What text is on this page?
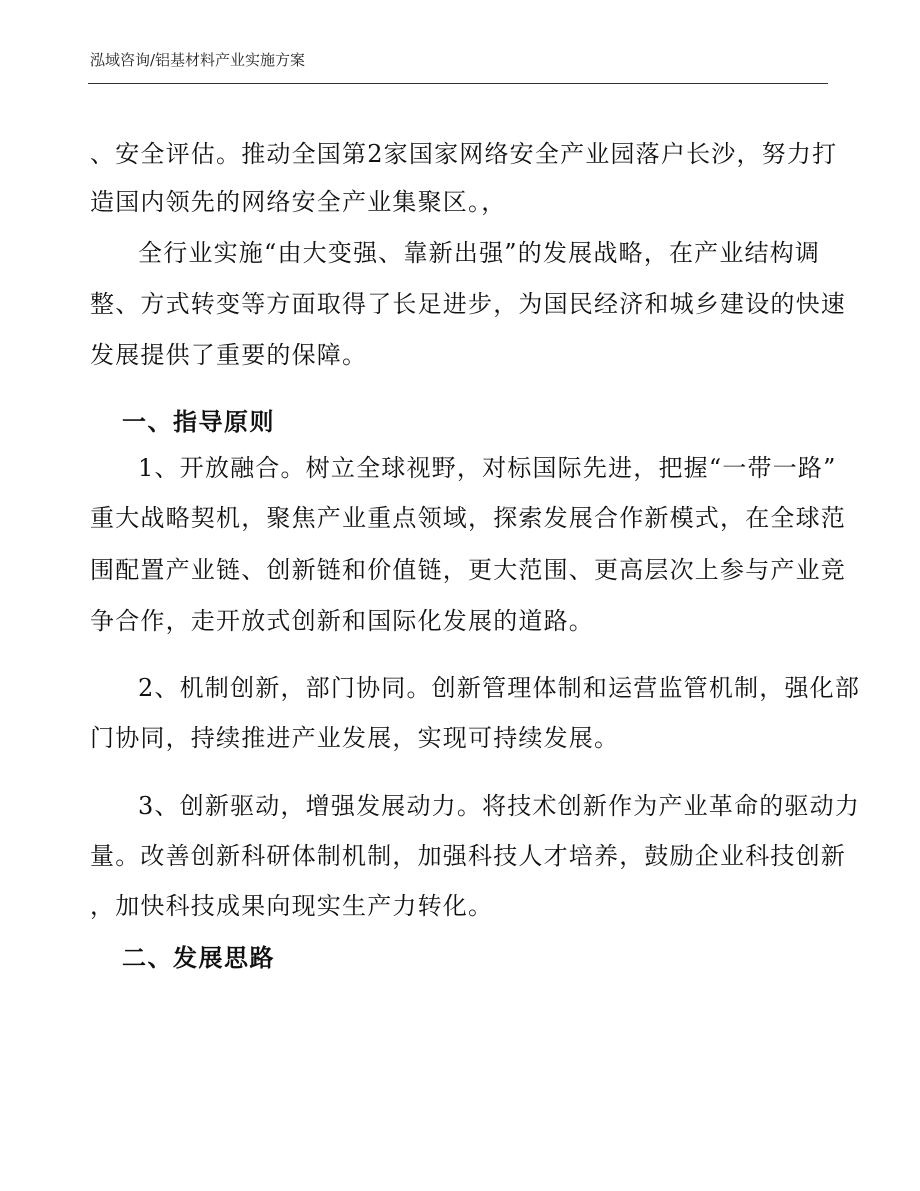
泓域咨询/铝基材料产业实施方案
、安全评估。推动全国第2家国家网络安全产业园落户长沙，努力打
造国内领先的网络安全产业集聚区。，
全行业实施“由大变强、靠新出强”的发展战略，在产业结构调
整、方式转变等方面取得了长足进步，为国民经济和城乡建设的快速
发展提供了重要的保障。
一、指导原则
1、开放融合。树立全球视野，对标国际先进，把握“一带一路”
重大战略契机，聚焦产业重点领域，探索发展合作新模式，在全球范
围配置产业链、创新链和价值链，更大范围、更高层次上参与产业竞
争合作，走开放式创新和国际化发展的道路。
2、机制创新，部门协同。创新管理体制和运营监管机制，强化部
门协同，持续推进产业发展，实现可持续发展。
3、创新驱动，增强发展动力。将技术创新作为产业革命的驱动力
量。改善创新科研体制机制，加强科技人才培养，鼓励企业科技创新
，加快科技成果向现实生产力转化。
二、发展思路
